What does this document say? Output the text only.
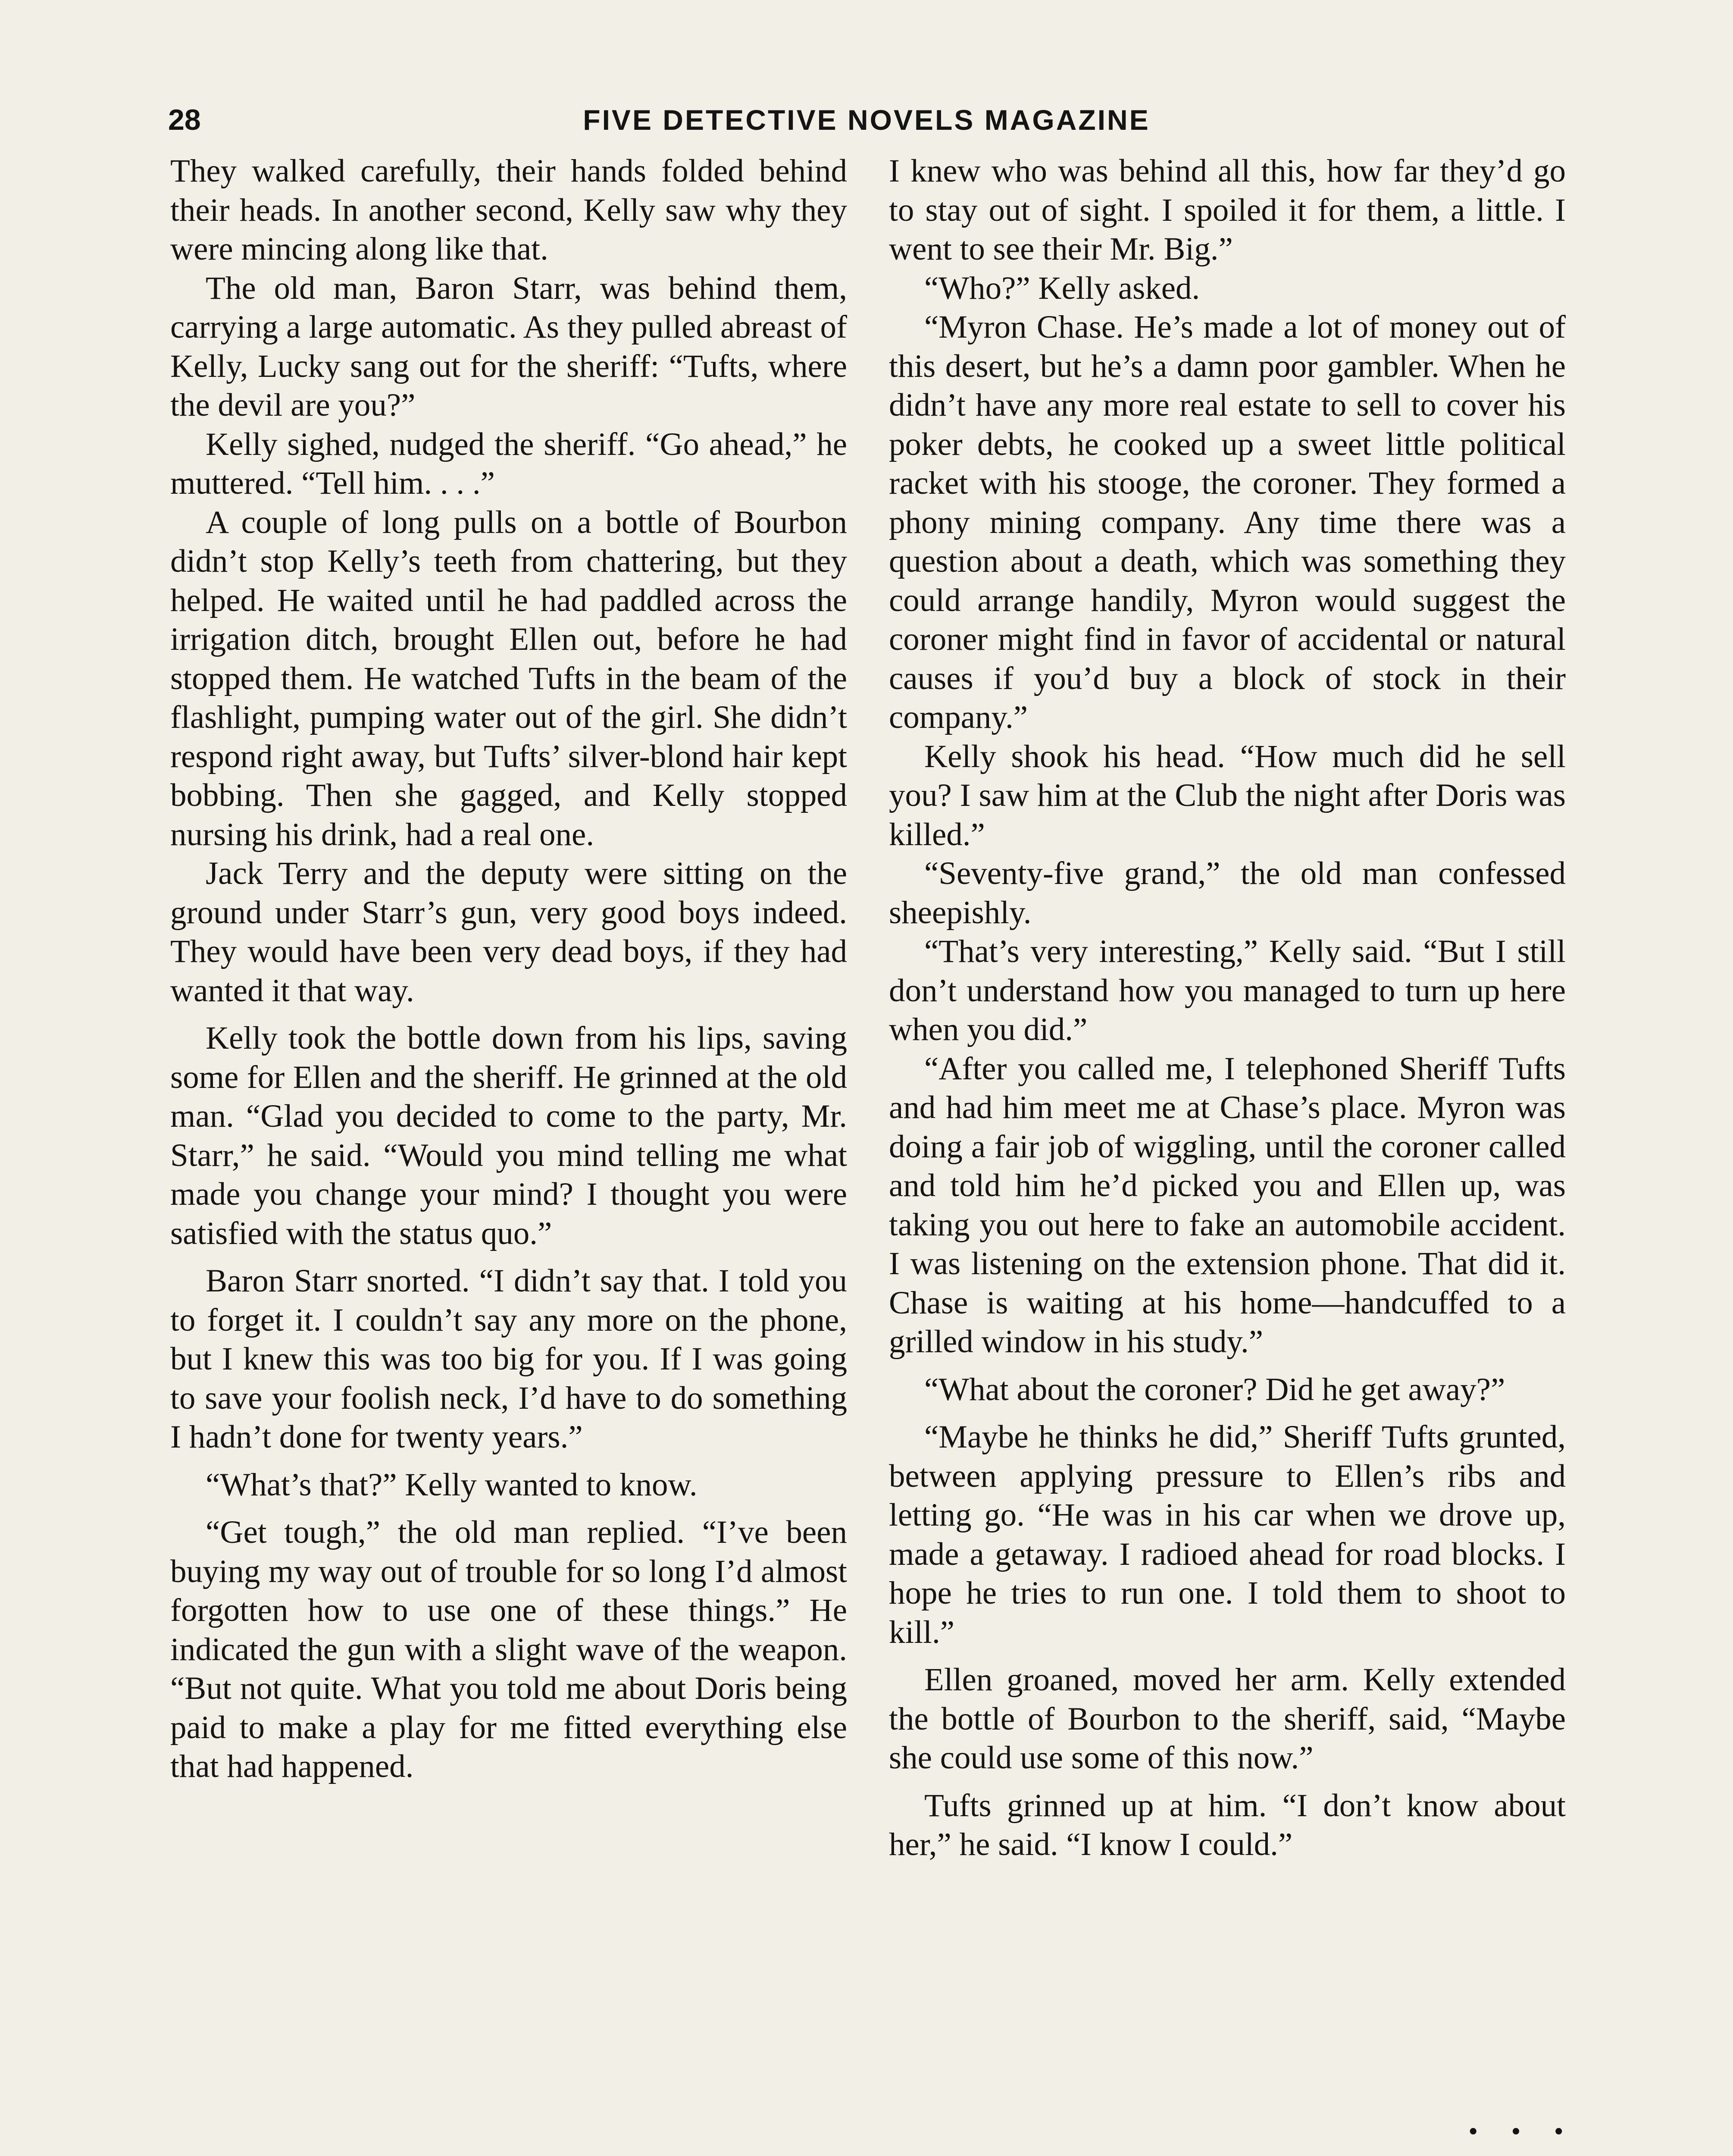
28	FIVE DETECTIVE NOVELS MAGAZINE

They walked carefully, their hands folded behind their heads. In another second, Kelly saw why they were mincing along like that.

The old man, Baron Starr, was behind them, carrying a large automatic. As they pulled abreast of Kelly, Lucky sang out for the sheriff: “Tufts, where the devil are you?”

Kelly sighed, nudged the sheriff. “Go ahead,” he muttered. “Tell him. . . .”

A couple of long pulls on a bottle of Bourbon didn’t stop Kelly’s teeth from chattering, but they helped. He waited until he had paddled across the irrigation ditch, brought Ellen out, before he had stopped them. He watched Tufts in the beam of the flashlight, pumping water out of the girl. She didn’t respond right away, but Tufts’ silver-blond hair kept bobbing. Then she gagged, and Kelly stopped nursing his drink, had a real one.

Jack Terry and the deputy were sitting on the ground under Starr’s gun, very good boys indeed. They would have been very dead boys, if they had wanted it that way.

Kelly took the bottle down from his lips, saving some for Ellen and the sheriff. He grinned at the old man. “Glad you decided to come to the party, Mr. Starr,” he said. “Would you mind telling me what made you change your mind? I thought you were satisfied with the status quo.”

Baron Starr snorted. “I didn’t say that. I told you to forget it. I couldn’t say any more on the phone, but I knew this was too big for you. If I was going to save your foolish neck, I’d have to do something I hadn’t done for twenty years.”

“What’s that?” Kelly wanted to know.

“Get tough,” the old man replied. “I’ve been buying my way out of trouble for so long I’d almost forgotten how to use one of these things.” He indicated the gun with a slight wave of the weapon. “But not quite. What you told me about Doris being paid to make a play for me fitted everything else that had happened.

I knew who was behind all this, how far they’d go to stay out of sight. I spoiled it for them, a little. I went to see their Mr. Big.”

“Who?” Kelly asked.

“Myron Chase. He’s made a lot of money out of this desert, but he’s a damn poor gambler. When he didn’t have any more real estate to sell to cover his poker debts, he cooked up a sweet little political racket with his stooge, the coroner. They formed a phony mining company. Any time there was a question about a death, which was something they could arrange handily, Myron would suggest the coroner might find in favor of accidental or natural causes if you’d buy a block of stock in their company.”

Kelly shook his head. “How much did he sell you? I saw him at the Club the night after Doris was killed.”

“Seventy-five grand,” the old man confessed sheepishly.

“That’s very interesting,” Kelly said. “But I still don’t understand how you managed to turn up here when you did.”

“After you called me, I telephoned Sheriff Tufts and had him meet me at Chase’s place. Myron was doing a fair job of wiggling, until the coroner called and told him he’d picked you and Ellen up, was taking you out here to fake an automobile accident. I was listening on the extension phone. That did it. Chase is waiting at his home—handcuffed to a grilled window in his study.”

“What about the coroner? Did he get away?”

“Maybe he thinks he did,” Sheriff Tufts grunted, between applying pressure to Ellen’s ribs and letting go. “He was in his car when we drove up, made a getaway. I radioed ahead for road blocks. I hope he tries to run one. I told them to shoot to kill.”

Ellen groaned, moved her arm. Kelly extended the bottle of Bourbon to the sheriff, said, “Maybe she could use some of this now.”

Tufts grinned up at him. “I don’t know about her,” he said. “I know I could.”

• • •
